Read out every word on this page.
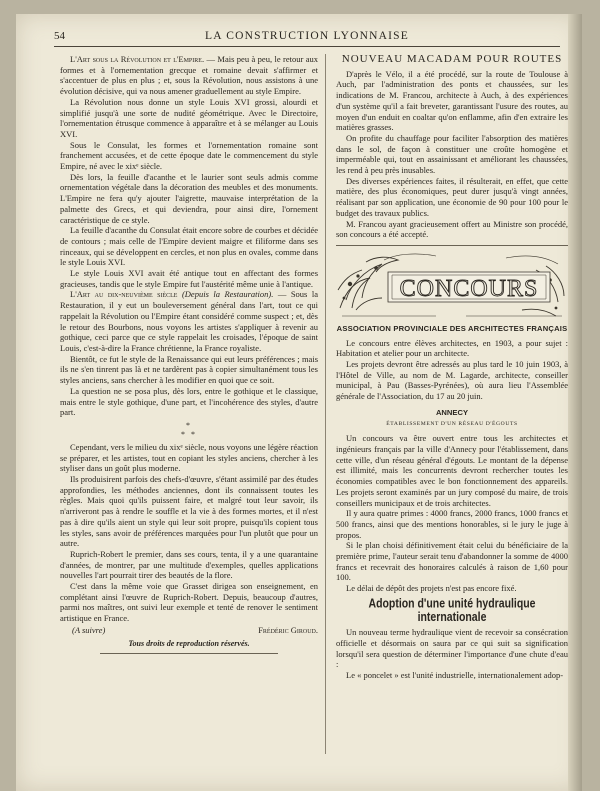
54	LA CONSTRUCTION LYONNAISE

L'Art sous la Révolution et l'Empire. — Mais peu à peu, le retour aux formes et à l'ornementation grecque et romaine devait s'affirmer et s'accentuer de plus en plus ; et, sous la Révolution, nous assistons à une évolution décisive, qui va nous amener graduellement au style Empire.

La Révolution nous donne un style Louis XVI grossi, alourdi et simplifié jusqu'à une sorte de nudité géométrique. Avec le Directoire, l'ornementation étrusque commence à apparaître et à se mélanger au Louis XVI.

Sous le Consulat, les formes et l'ornementation romaine sont franchement accusées, et de cette époque date le commencement du style Empire, né avec le xixᵉ siècle.

Dès lors, la feuille d'acanthe et le laurier sont seuls admis comme ornementation végétale dans la décoration des meubles et des monuments. L'Empire ne fera qu'y ajouter l'aigrette, mauvaise interprétation de la palmette des Grecs, et qui deviendra, pour ainsi dire, l'ornement caractéristique de ce style.

La feuille d'acanthe du Consulat était encore sobre de courbes et décidée de contours ; mais celle de l'Empire devient maigre et filiforme dans ses rinceaux, qui se développent en cercles, et non plus en ovales, comme dans le style Louis XVI.

Le style Louis XVI avait été antique tout en affectant des formes gracieuses, tandis que le style Empire fut l'austérité même unie à l'antique.

L'Art au dix-neuvième siècle (Depuis la Restauration). — Sous la Restauration, il y eut un bouleversement général dans l'art, tout ce qui rappelait la Révolution ou l'Empire étant considéré comme suspect ; et, dès le retour des Bourbons, nous voyons les artistes s'appliquer à revenir au gothique, ceci parce que ce style rappelait les croisades, l'époque de saint Louis, c'est-à-dire la France chrétienne, la France royaliste.

Bientôt, ce fut le style de la Renaissance qui eut leurs préférences ; mais ils ne s'en tinrent pas là et ne tardèrent pas à copier simultanément tous les styles anciens, sans chercher à les modifier en quoi que ce soit.

La question ne se posa plus, dès lors, entre le gothique et le classique, mais entre le style gothique, d'une part, et l'incohérence des styles, d'autre part.

*
* *

Cependant, vers le milieu du xixᵉ siècle, nous voyons une légère réaction se préparer, et les artistes, tout en copiant les styles anciens, chercher à les styliser dans un goût plus moderne.

Ils produisirent parfois des chefs-d'œuvre, s'étant assimilé par des études approfondies, les méthodes anciennes, dont ils connaissent toutes les règles. Mais quoi qu'ils puissent faire, et malgré tout leur savoir, ils n'arriveront pas à rendre le souffle et la vie à des formes mortes, et il n'est pas à dire qu'ils aient un style qui leur soit propre, puisqu'ils copient tous les styles, sans avoir de préférences marquées pour l'un plutôt que pour un autre.

Ruprich-Robert le premier, dans ses cours, tenta, il y a une quarantaine d'années, de montrer, par une multitude d'exemples, quelles applications nouvelles l'art pourrait tirer des beautés de la flore.

C'est dans la même voie que Grasset dirigea son enseignement, en complétant ainsi l'œuvre de Ruprich-Robert. Depuis, beaucoup d'autres, parmi nos maîtres, ont suivi leur exemple et tenté de renover le sentiment artistique en France.

(A suivre)	Frédéric Giroud.
Tous droits de reproduction réservés.
NOUVEAU MACADAM POUR ROUTES

D'après le Vélo, il a été procédé, sur la route de Toulouse à Auch, par l'administration des ponts et chaussées, sur les indications de M. Francou, architecte à Auch, à des expériences d'un système qu'il a fait breveter, garantissant l'usure des routes, au moyen d'un enduit en coaltar qu'on enflamme, afin d'en extraire les matières grasses.

On profite du chauffage pour faciliter l'absorption des matières dans le sol, de façon à constituer une croûte homogène et imperméable qui, tout en assainissant et améliorant les chaussées, les rend à peu près inusables.

Des diverses expériences faites, il résulterait, en effet, que cette matière, des plus économiques, peut durer jusqu'à vingt années, réalisant par son application, une économie de 90 pour 100 pour le budget des travaux publics.

M. Francou ayant gracieusement offert au Ministre son procédé, son concours a été accepté.

CONCOURS
ASSOCIATION PROVINCIALE DES ARCHITECTES FRANÇAIS

Le concours entre élèves architectes, en 1903, a pour sujet : Habitation et atelier pour un architecte.

Les projets devront être adressés au plus tard le 10 juin 1903, à l'Hôtel de Ville, au nom de M. Lagarde, architecte, conseiller municipal, à Pau (Basses-Pyrénées), où aura lieu l'Assemblée générale de l'Association, du 17 au 20 juin.

ANNECY
ÉTABLISSEMENT D'UN RÉSEAU D'ÉGOUTS

Un concours va être ouvert entre tous les architectes et ingénieurs français par la ville d'Annecy pour l'établissement, dans cette ville, d'un réseau général d'égouts. Le montant de la dépense est illimité, mais les concurrents devront rechercher toutes les économies compatibles avec le bon fonctionnement des appareils. Les projets seront examinés par un jury composé du maire, de trois conseillers municipaux et de trois architectes.

Il y aura quatre primes : 4000 francs, 2000 francs, 1000 francs et 500 francs, ainsi que des mentions honorables, si le jury le juge à propos.

Si le plan choisi définitivement était celui du bénéficiaire de la première prime, l'auteur serait tenu d'abandonner la somme de 4000 francs et recevrait des honoraires calculés à raison de 1,60 pour 100.

Le délai de dépôt des projets n'est pas encore fixé.

Adoption d'une unité hydraulique internationale

Un nouveau terme hydraulique vient de recevoir sa consécration officielle et désormais on saura par ce qui suit sa signification lorsqu'il sera question de déterminer l'importance d'une chute d'eau :

Le « poncelet » est l'unité industrielle, internationalement adop-
